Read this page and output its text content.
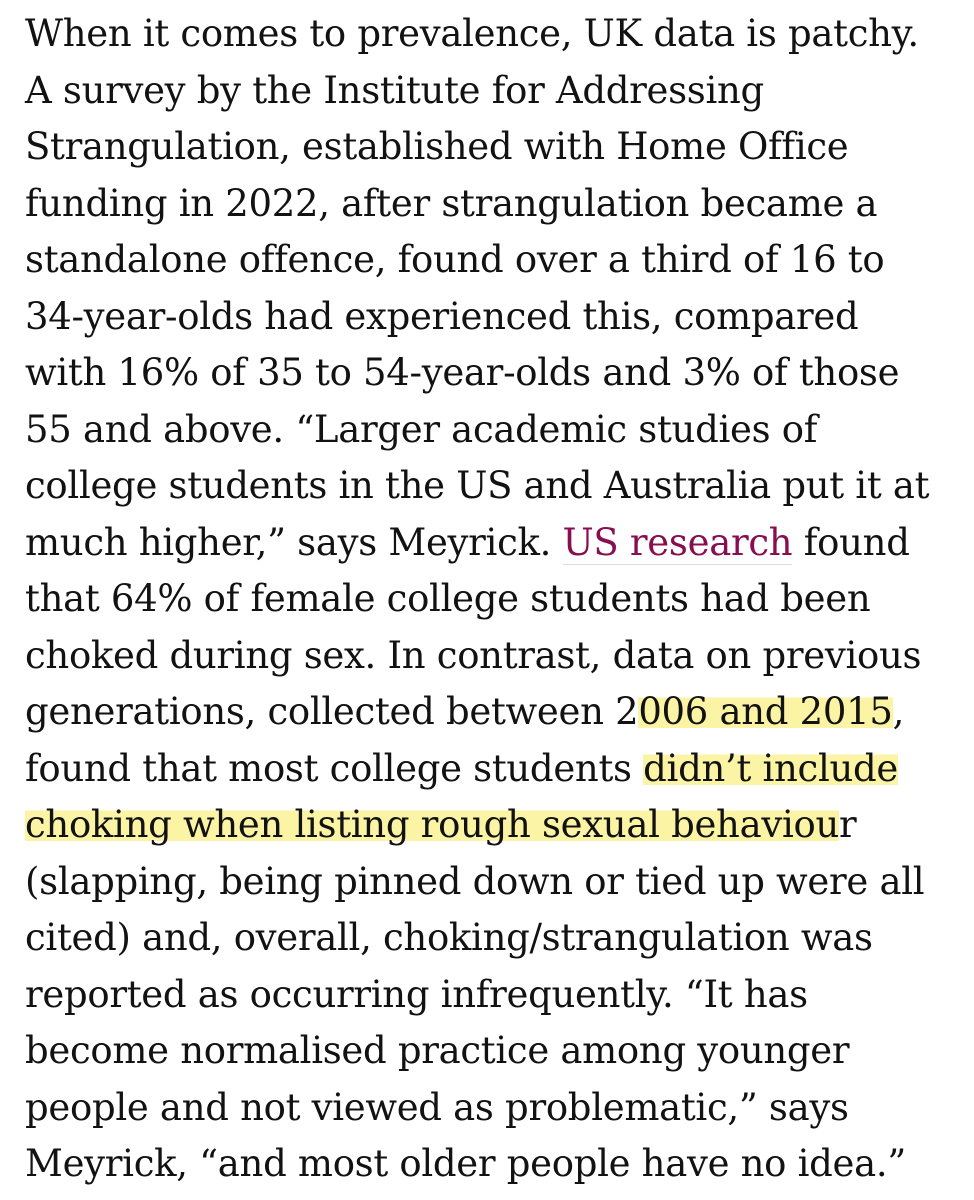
When it comes to prevalence, UK data is patchy.
A survey by the Institute for Addressing
Strangulation, established with Home Office
funding in 2022, after strangulation became a
standalone offence, found over a third of 16 to
34-year-olds had experienced this, compared
with 16% of 35 to 54-year-olds and 3% of those
55 and above. “Larger academic studies of
college students in the US and Australia put it at
much higher,” says Meyrick. US research found
that 64% of female college students had been
choked during sex. In contrast, data on previous
generations, collected between 2006 and 2015,
found that most college students didn’t include
choking when listing rough sexual behaviour
(slapping, being pinned down or tied up were all
cited) and, overall, choking/strangulation was
reported as occurring infrequently. “It has
become normalised practice among younger
people and not viewed as problematic,” says
Meyrick, “and most older people have no idea.”
